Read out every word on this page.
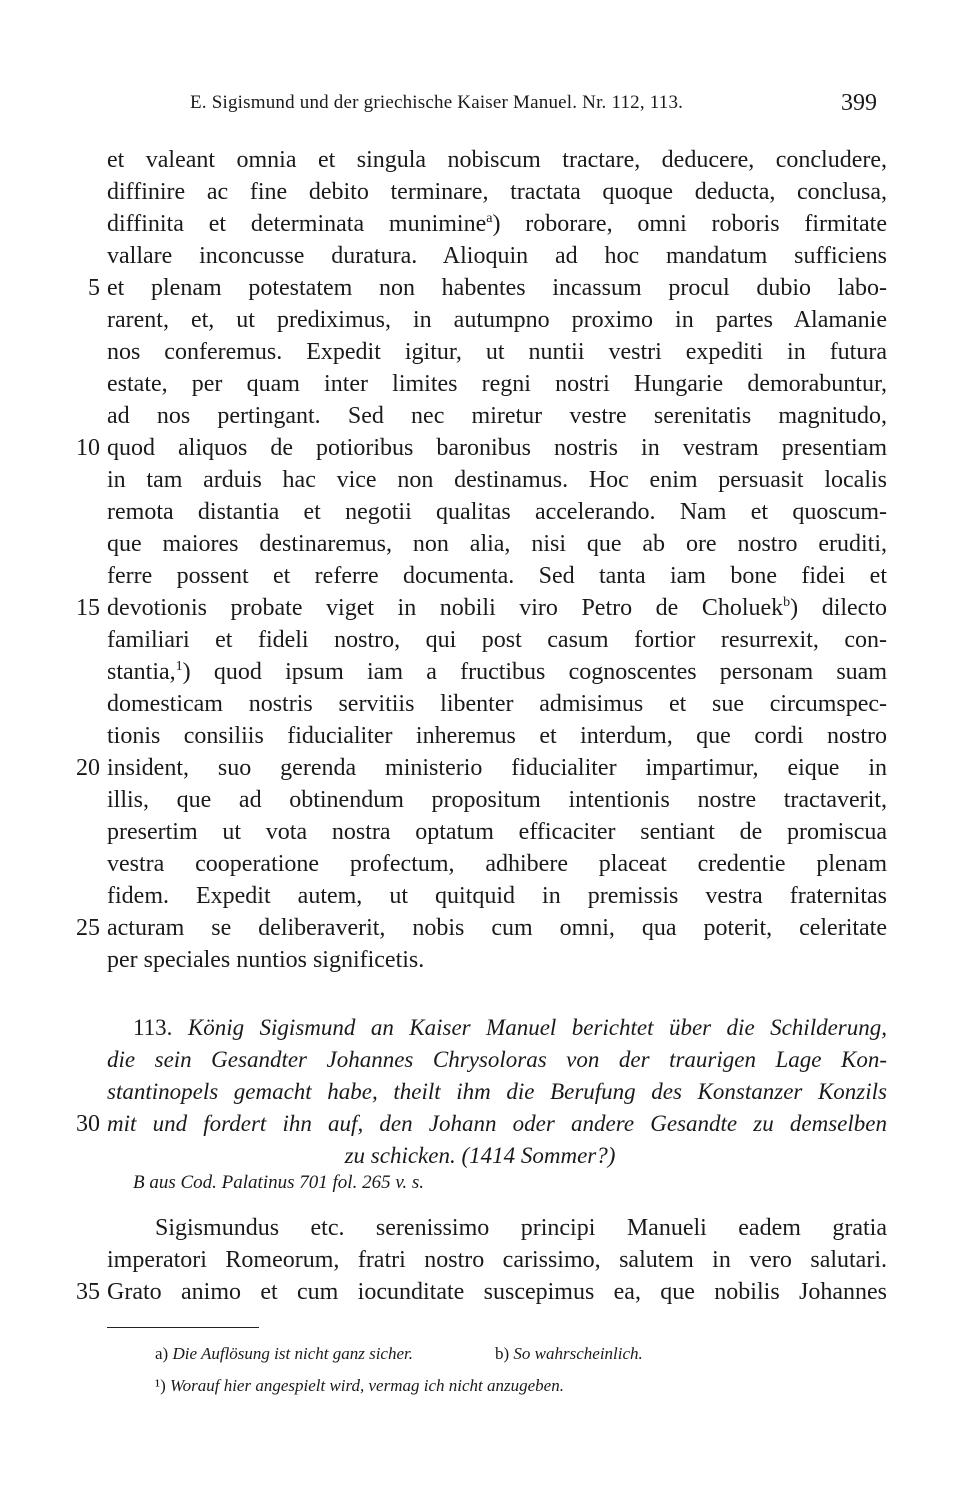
E. Sigismund und der griechische Kaiser Manuel. Nr. 112, 113.	399
et valeant omnia et singula nobiscum tractare, deducere, concludere,
diffinire ac fine debito terminare, tractata quoque deducta, conclusa,
diffinita et determinata munimine$^a$) roborare, omni roboris firmitate
vallare inconcusse duratura. Alioquin ad hoc mandatum sufficiens
5 et plenam potestatem non habentes incassum procul dubio labo-
rarent, et, ut prediximus, in autumpno proximo in partes Alamanie
nos conferemus. Expedit igitur, ut nuntii vestri expediti in futura
estate, per quam inter limites regni nostri Hungarie demorabuntur,
ad nos pertingant. Sed nec miretur vestre serenitatis magnitudo,
10 quod aliquos de potioribus baronibus nostris in vestram presentiam
in tam arduis hac vice non destinamus. Hoc enim persuasit localis
remota distantia et negotii qualitas accelerando. Nam et quoscum-
que maiores destinaremus, non alia, nisi que ab ore nostro eruditi,
ferre possent et referre documenta. Sed tanta iam bone fidei et
15 devotionis probate viget in nobili viro Petro de Choluek$^b$) dilecto
familiari et fideli nostro, qui post casum fortior resurrexit, con-
stantia,$^1$) quod ipsum iam a fructibus cognoscentes personam suam
domesticam nostris servitiis libenter admisimus et sue circumspec-
tionis consiliis fiducialiter inheremus et interdum, que cordi nostro
20 insident, suo gerenda ministerio fiducialiter impartimur, eique in
illis, que ad obtinendum propositum intentionis nostre tractaverit,
presertim ut vota nostra optatum efficaciter sentiant de promiscua
vestra cooperatione profectum, adhibere placeat credentie plenam
fidem. Expedit autem, ut quitquid in premissis vestra fraternitas
25 acturam se deliberaverit, nobis cum omni, qua poterit, celeritate
per speciales nuntios significetis.
113. König Sigismund an Kaiser Manuel berichtet über die Schilderung,
die sein Gesandter Johannes Chrysoloras von der traurigen Lage Kon-
stantinopels gemacht habe, theilt ihm die Berufung des Konstanzer Konzils
30 mit und fordert ihn auf, den Johann oder andere Gesandte zu demselben
zu schicken. (1414 Sommer?)
B aus Cod. Palatinus 701 fol. 265 v. s.
Sigismundus etc. serenissimo principi Manueli eadem gratia
imperatori Romeorum, fratri nostro carissimo, salutem in vero salutari.
35 Grato animo et cum iocunditate suscepimus ea, que nobilis Johannes
a) Die Auflösung ist nicht ganz sicher.	b) So wahrscheinlich.
¹) Worauf hier angespielt wird, vermag ich nicht anzugeben.
